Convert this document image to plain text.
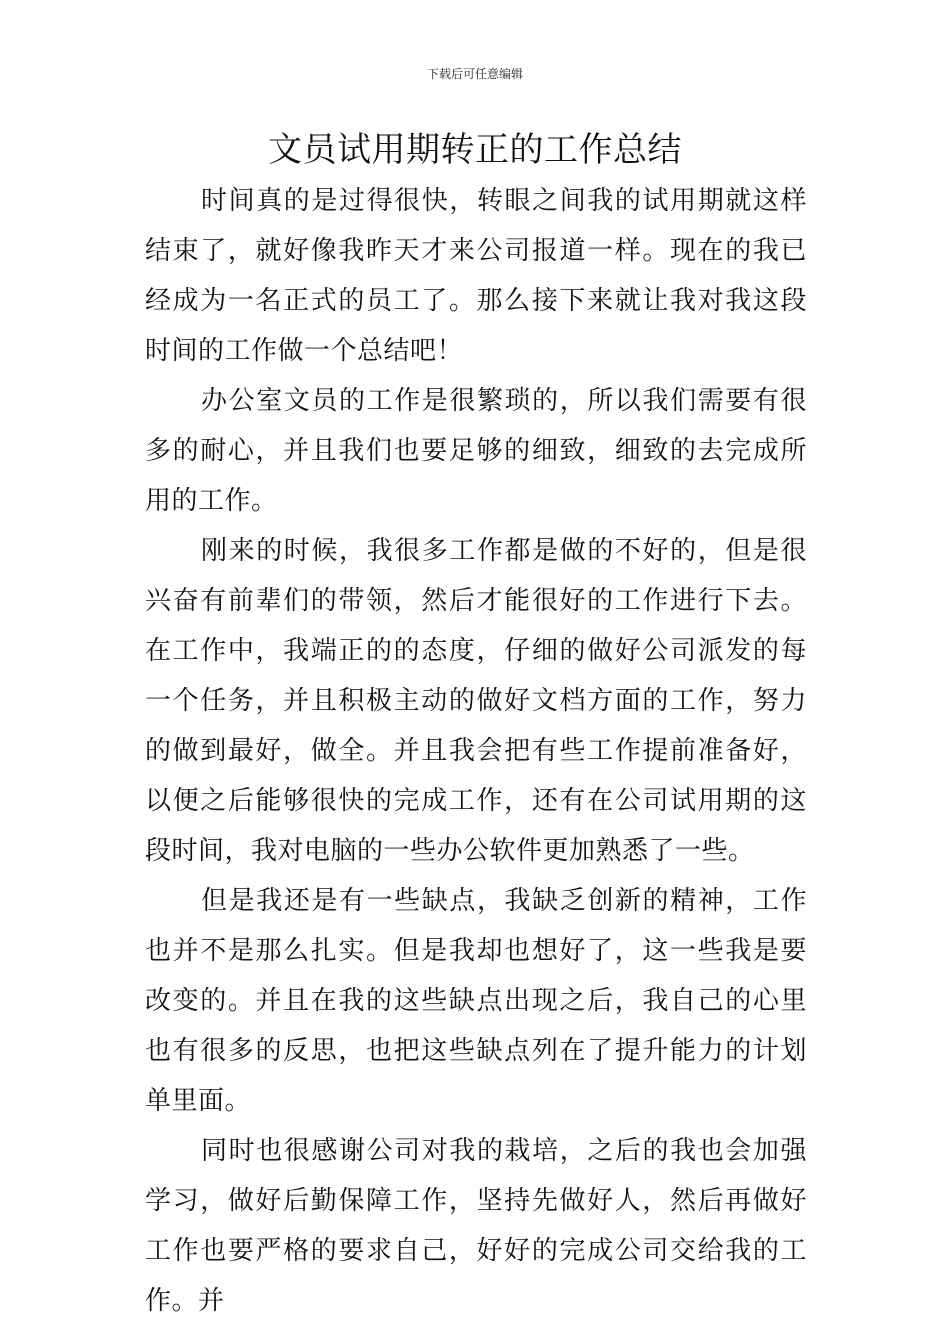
下载后可任意编辑
文员试用期转正的工作总结

时间真的是过得很快，转眼之间我的试用期就这样结束了，就好像我昨天才来公司报道一样。现在的我已经成为一名正式的员工了。那么接下来就让我对我这段时间的工作做一个总结吧！

办公室文员的工作是很繁琐的，所以我们需要有很多的耐心，并且我们也要足够的细致，细致的去完成所用的工作。

刚来的时候，我很多工作都是做的不好的，但是很兴奋有前辈们的带领，然后才能很好的工作进行下去。在工作中，我端正的的态度，仔细的做好公司派发的每一个任务，并且积极主动的做好文档方面的工作，努力的做到最好，做全。并且我会把有些工作提前准备好，以便之后能够很快的完成工作，还有在公司试用期的这段时间，我对电脑的一些办公软件更加熟悉了一些。

但是我还是有一些缺点，我缺乏创新的精神，工作也并不是那么扎实。但是我却也想好了，这一些我是要改变的。并且在我的这些缺点出现之后，我自己的心里也有很多的反思，也把这些缺点列在了提升能力的计划单里面。

同时也很感谢公司对我的栽培，之后的我也会加强学习，做好后勤保障工作，坚持先做好人，然后再做好工作也要严格的要求自己，好好的完成公司交给我的工作。并
